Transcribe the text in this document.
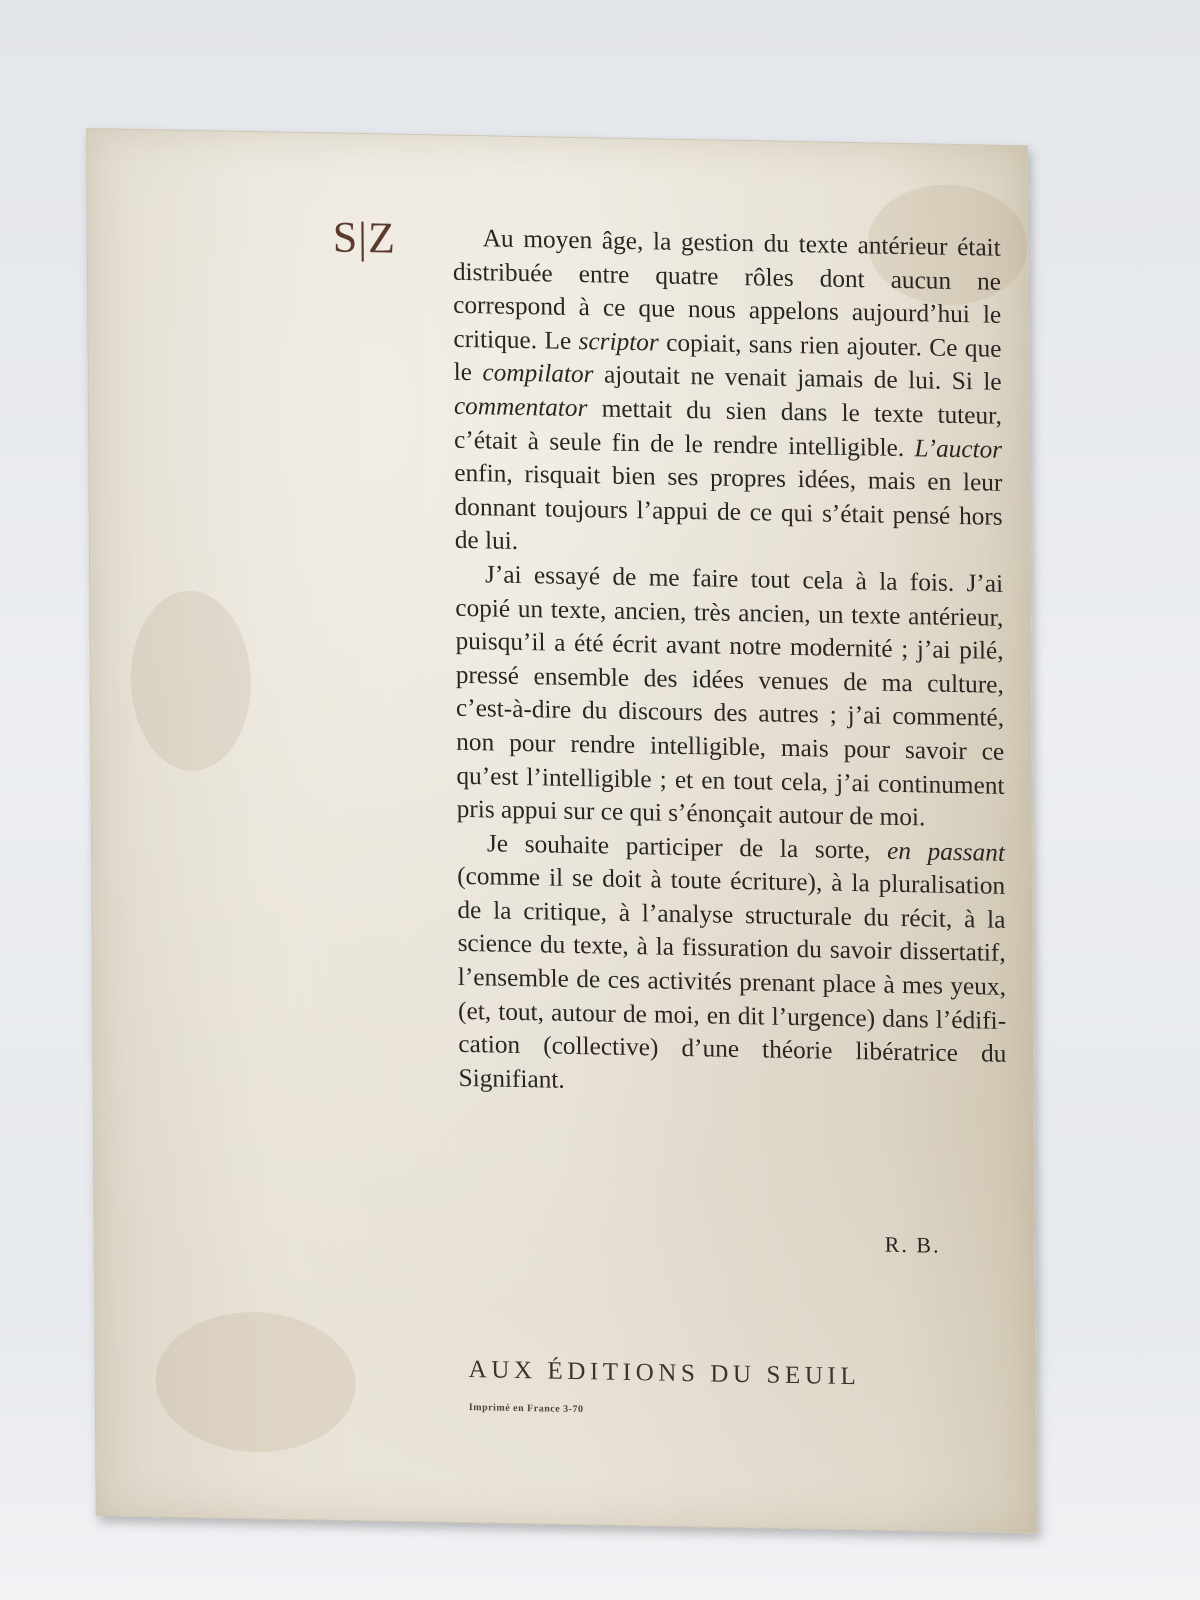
S|Z	Au moyen âge, la gestion du texte antérieur était distribuée entre quatre rôles dont aucun ne correspond à ce que nous appelons aujourd’hui le critique. Le scriptor copiait, sans rien ajouter. Ce que le compilator ajoutait ne venait jamais de lui. Si le commentator mettait du sien dans le texte tuteur, c’était à seule fin de le rendre intelligible. L’auctor enfin, risquait bien ses propres idées, mais en leur donnant toujours l’appui de ce qui s’était pensé hors de lui.

J’ai essayé de me faire tout cela à la fois. J’ai copié un texte, ancien, très ancien, un texte antérieur, puisqu’il a été écrit avant notre modernité ; j’ai pilé, pressé ensemble des idées venues de ma culture, c’est-à-dire du discours des autres ; j’ai commenté, non pour rendre intelligible, mais pour savoir ce qu’est l’intelligible ; et en tout cela, j’ai continument pris appui sur ce qui s’énonçait autour de moi.

Je souhaite participer de la sorte, en passant (comme il se doit à toute écriture), à la pluralisation de la critique, à l’analyse structurale du récit, à la science du texte, à la fissuration du savoir dissertatif, l’ensemble de ces activités prenant place à mes yeux, (et, tout, autour de moi, en dit l’urgence) dans l’édification (collective) d’une théorie libératrice du Signifiant.

R. B.
AUX ÉDITIONS DU SEUIL
Imprimé en France 3-70
